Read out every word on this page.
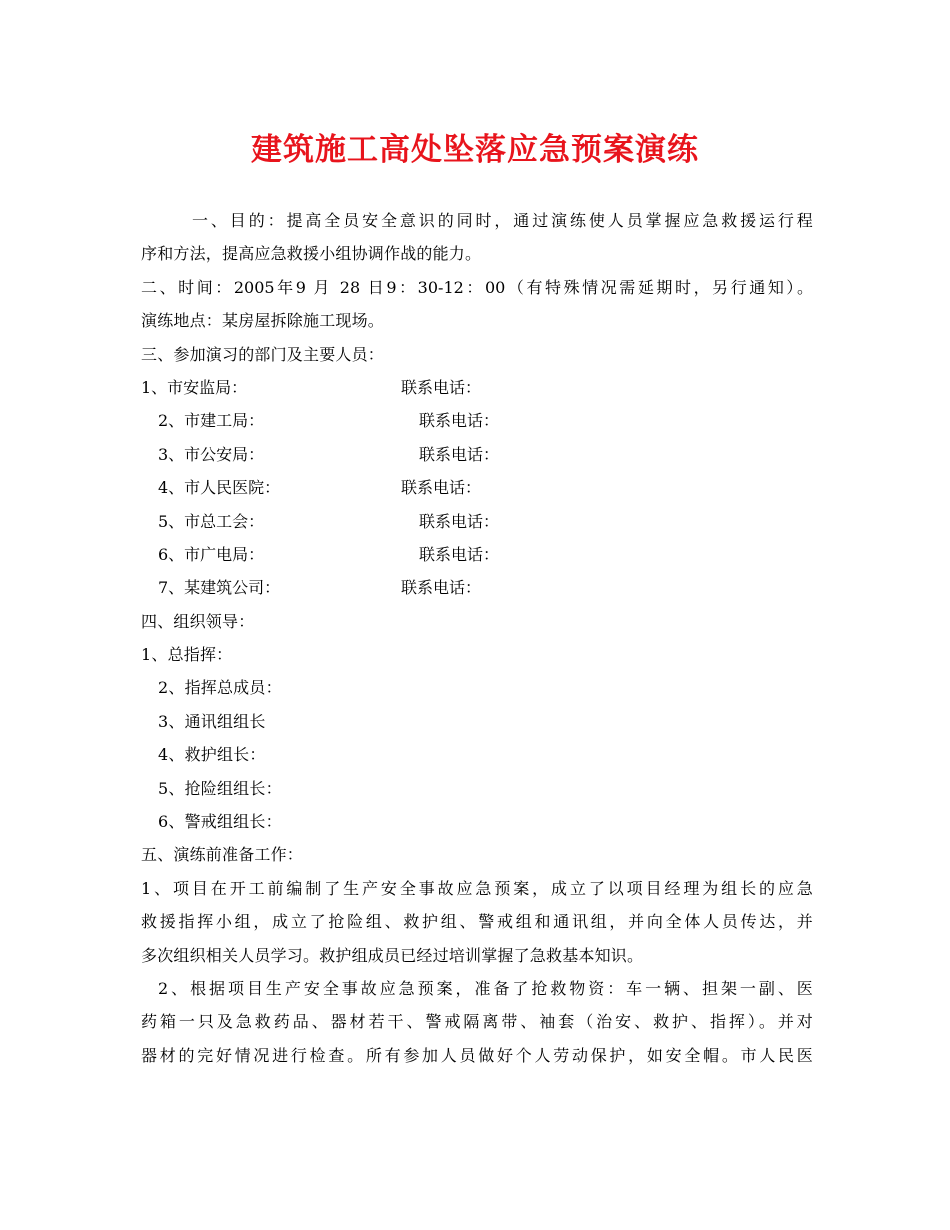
建筑施工高处坠落应急预案演练
一、目的：提高全员安全意识的同时，通过演练使人员掌握应急救援运行程
序和方法，提高应急救援小组协调作战的能力。
二、时间：2005年9 月 28 日9：30-12：00（有特殊情况需延期时，另行通知）。
演练地点：某房屋拆除施工现场。
三、参加演习的部门及主要人员：
1、市安监局：	联系电话：
2、市建工局：	联系电话：
3、市公安局：	联系电话：
4、市人民医院：	联系电话：
5、市总工会：	联系电话：
6、市广电局：	联系电话：
7、某建筑公司：	联系电话：
四、组织领导：
1、总指挥：
2、指挥总成员：
3、通讯组组长
4、救护组长：
5、抢险组组长：
6、警戒组组长：
五、演练前准备工作：
1、项目在开工前编制了生产安全事故应急预案，成立了以项目经理为组长的应急
救援指挥小组，成立了抢险组、救护组、警戒组和通讯组，并向全体人员传达，并
多次组织相关人员学习。救护组成员已经过培训掌握了急救基本知识。
2、根据项目生产安全事故应急预案，准备了抢救物资：车一辆、担架一副、医
药箱一只及急救药品、器材若干、警戒隔离带、袖套（治安、救护、指挥）。并对
器材的完好情况进行检查。所有参加人员做好个人劳动保护，如安全帽。市人民医
